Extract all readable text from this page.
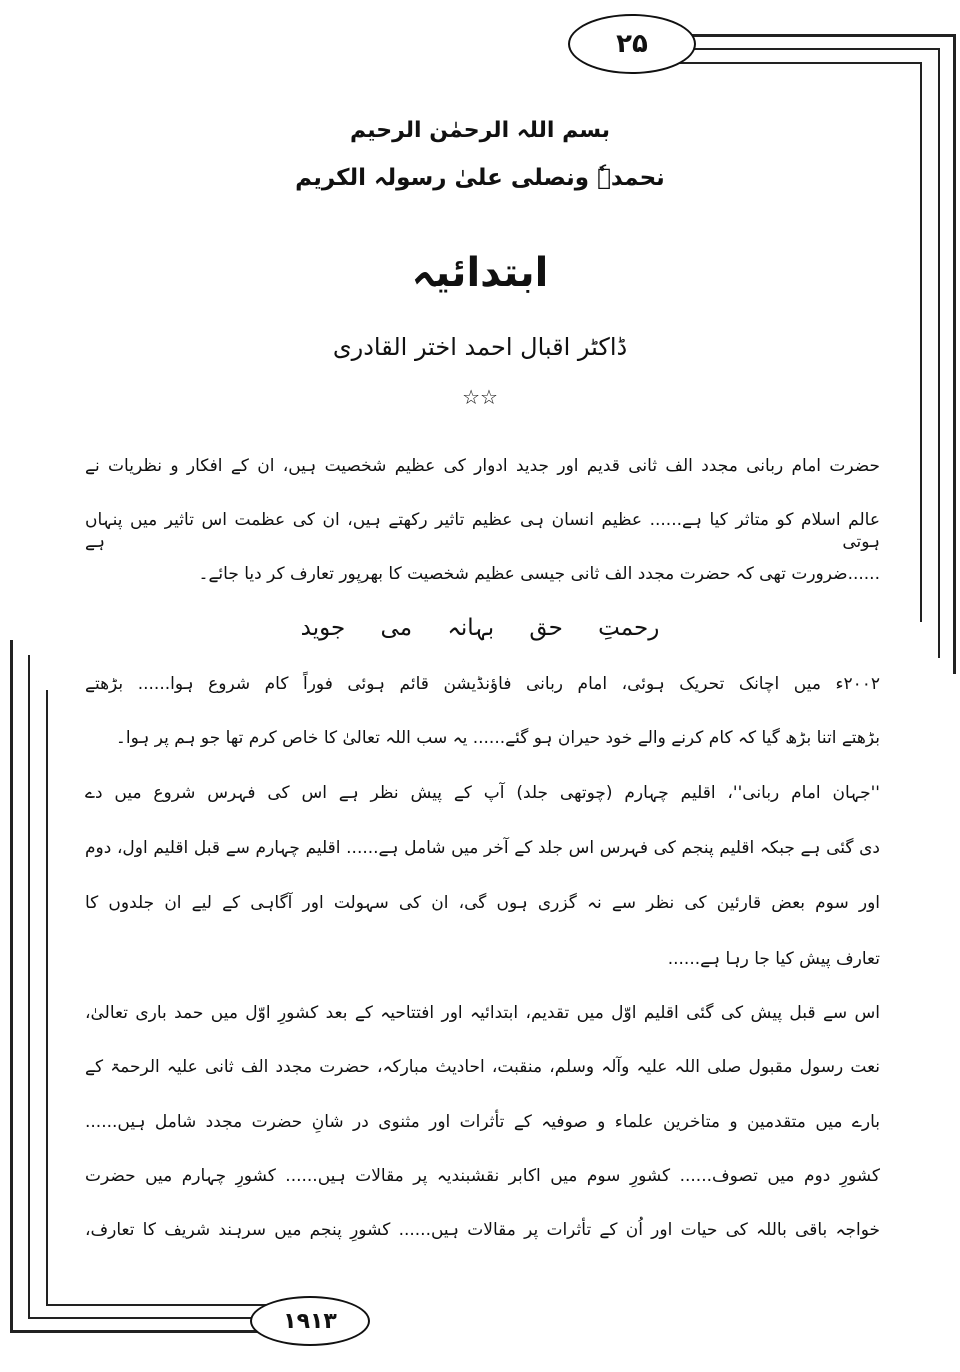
۲۵
۱۹۱۳
بسم اللہ الرحمٰن الرحیم
نحمدہٗ ونصلی علیٰ رسولہ الکریم
ابتدائیہ
ڈاکٹر اقبال احمد اختر القادری
☆☆
حضرت امام ربانی مجدد الف ثانی قدیم اور جدید ادوار کی عظیم شخصیت ہیں، ان کے افکار و نظریات نے
عالم اسلام کو متاثر کیا ہے...... عظیم انسان ہی عظیم تاثیر رکھتے ہیں، ان کی عظمت اس تاثیر میں پنہاں ہوتی ہے
......ضرورت تھی کہ حضرت مجدد الف ثانی جیسی عظیم شخصیت کا بھرپور تعارف کر دیا جائے۔
رحمتِ حق بہانہ می جوید
۲۰۰۲ء میں اچانک تحریک ہوئی، امام ربانی فاؤنڈیشن قائم ہوئی فوراً کام شروع ہوا...... بڑھتے
بڑھتے اتنا بڑھ گیا کہ کام کرنے والے خود حیران ہو گئے...... یہ سب اللہ تعالیٰ کا خاص کرم تھا جو ہم پر ہوا۔
''جہان امام ربانی''، اقلیم چہارم (چوتھی جلد) آپ کے پیش نظر ہے اس کی فہرس شروع میں دے
دی گئی ہے جبکہ اقلیم پنجم کی فہرس اس جلد کے آخر میں شامل ہے...... اقلیم چہارم سے قبل اقلیم اول، دوم
اور سوم بعض قارئین کی نظر سے نہ گزری ہوں گی، ان کی سہولت اور آگاہی کے لیے ان جلدوں کا
تعارف پیش کیا جا رہا ہے......
اس سے قبل پیش کی گئی اقلیم اوّل میں تقدیم، ابتدائیہ اور افتتاحیہ کے بعد کشورِ اوّل میں حمد باری تعالیٰ،
نعت رسول مقبول صلی اللہ علیہ وآلہ وسلم، منقبت، احادیث مبارکہ، حضرت مجدد الف ثانی علیہ الرحمۃ کے
بارے میں متقدمین و متاخرین علماء و صوفیہ کے تأثرات اور مثنوی در شانِ حضرت مجدد شامل ہیں......
کشورِ دوم میں تصوف...... کشورِ سوم میں اکابر نقشبندیہ پر مقالات ہیں...... کشورِ چہارم میں حضرت
خواجہ باقی باللہ کی حیات اور اُن کے تأثرات پر مقالات ہیں...... کشورِ پنجم میں سرہند شریف کا تعارف،
